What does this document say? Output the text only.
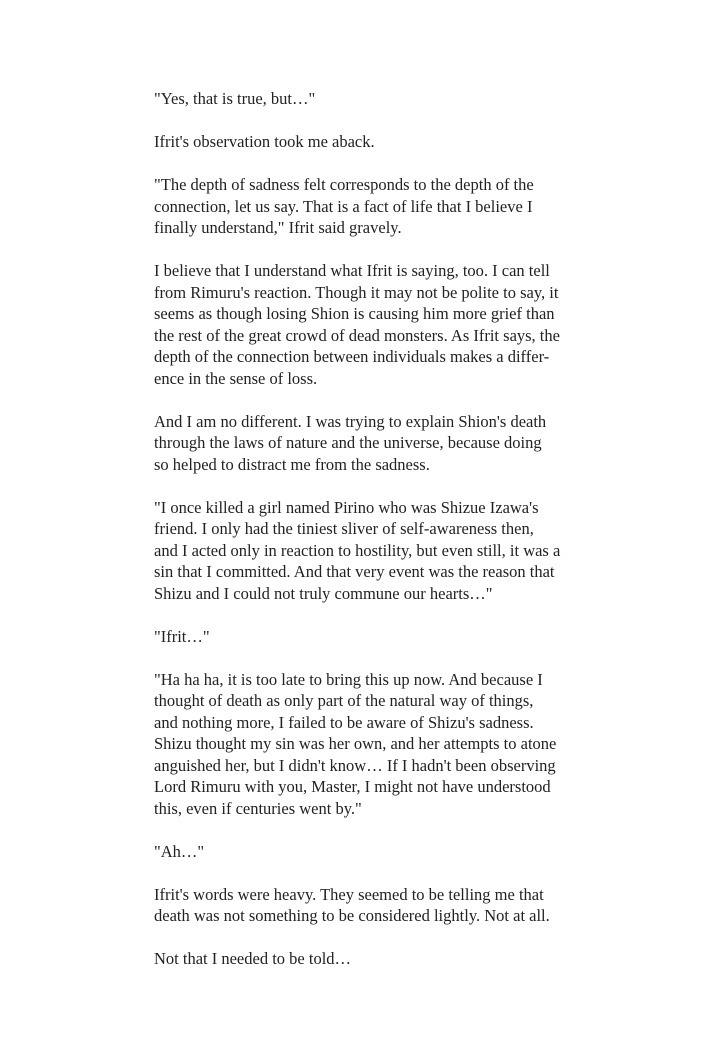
"Yes, that is true, but…"

Ifrit's observation took me aback.

"The depth of sadness felt corresponds to the depth of the
connection, let us say. That is a fact of life that I believe I
finally understand," Ifrit said gravely.

I believe that I understand what Ifrit is saying, too. I can tell
from Rimuru's reaction. Though it may not be polite to say, it
seems as though losing Shion is causing him more grief than
the rest of the great crowd of dead monsters. As Ifrit says, the
depth of the connection between individuals makes a differ-
ence in the sense of loss.

And I am no different. I was trying to explain Shion's death
through the laws of nature and the universe, because doing
so helped to distract me from the sadness.

"I once killed a girl named Pirino who was Shizue Izawa's
friend. I only had the tiniest sliver of self-awareness then,
and I acted only in reaction to hostility, but even still, it was a
sin that I committed. And that very event was the reason that
Shizu and I could not truly commune our hearts…"

"Ifrit…"

"Ha ha ha, it is too late to bring this up now. And because I
thought of death as only part of the natural way of things,
and nothing more, I failed to be aware of Shizu's sadness.
Shizu thought my sin was her own, and her attempts to atone
anguished her, but I didn't know… If I hadn't been observing
Lord Rimuru with you, Master, I might not have understood
this, even if centuries went by."

"Ah…"

Ifrit's words were heavy. They seemed to be telling me that
death was not something to be considered lightly. Not at all.

Not that I needed to be told…
